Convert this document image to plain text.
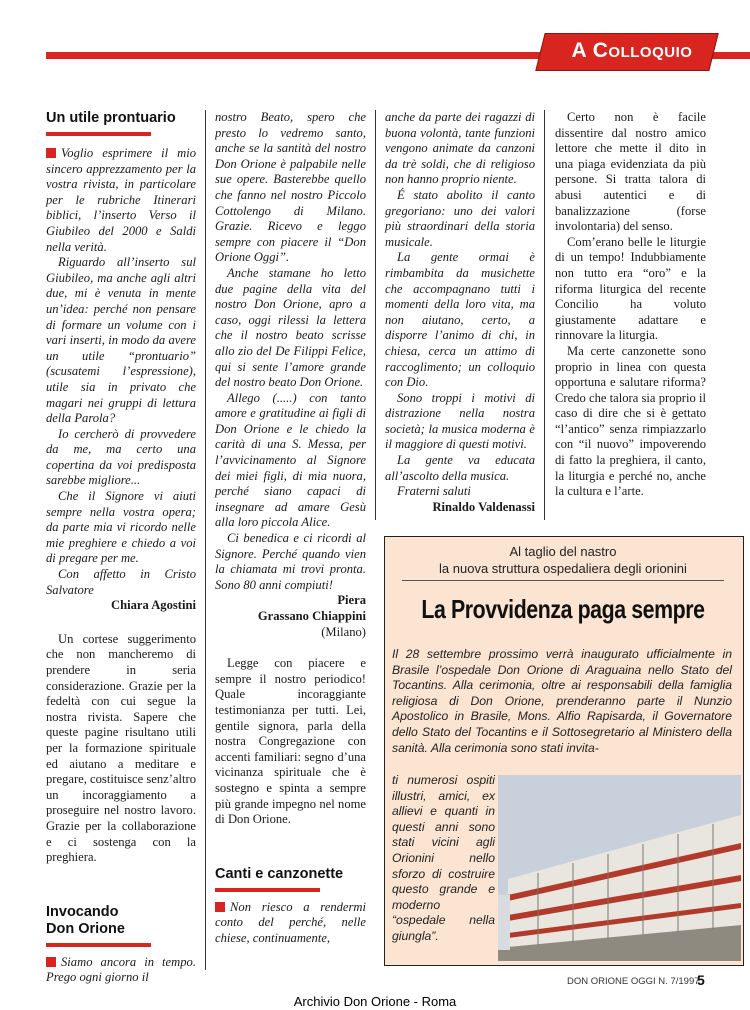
A Colloquio
Un utile prontuario

Voglio esprimere il mio sincero apprezzamento per la vostra rivista, in particolare per le rubriche Itinerari biblici, l’inserto Verso il Giubileo del 2000 e Saldi nella verità.

Riguardo all’inserto sul Giubileo, ma anche agli altri due, mi è venuta in mente un’idea: perché non pensare di formare un volume con i vari inserti, in modo da avere un utile “prontuario” (scusatemi l’espressione), utile sia in privato che magari nei gruppi di lettura della Parola?

Io cercherò di provvedere da me, ma certo una copertina da voi predisposta sarebbe migliore...

Che il Signore vi aiuti sempre nella vostra opera; da parte mia vi ricordo nelle mie preghiere e chiedo a voi di pregare per me.

Con affetto in Cristo Salvatore

Chiara Agostini

Un cortese suggerimento che non mancheremo di prendere in seria considerazione. Grazie per la fedeltà con cui segue la nostra rivista. Sapere che queste pagine risultano utili per la formazione spirituale ed aiutano a meditare e pregare, costituisce senz’altro un incoraggiamento a proseguire nel nostro lavoro. Grazie per la collaborazione e ci sostenga con la preghiera.

Invocando Don Orione

Siamo ancora in tempo. Prego ogni giorno il

nostro Beato, spero che presto lo vedremo santo, anche se la santità del nostro Don Orione è palpabile nelle sue opere. Basterebbe quello che fanno nel nostro Piccolo Cottolengo di Milano. Grazie. Ricevo e leggo sempre con piacere il “Don Orione Oggi”.

Anche stamane ho letto due pagine della vita del nostro Don Orione, apro a caso, oggi rilessi la lettera che il nostro beato scrisse allo zio del De Filippi Felice, qui si sente l’amore grande del nostro beato Don Orione.

Allego (.....) con tanto amore e gratitudine ai figli di Don Orione e le chiedo la carità di una S. Messa, per l’avvicinamento al Signore dei miei figli, di mia nuora, perché siano capaci di insegnare ad amare Gesù alla loro piccola Alice.

Ci benedica e ci ricordi al Signore. Perché quando vien la chiamata mi trovi pronta. Sono 80 anni compiuti!

Piera

Grassano Chiappini

(Milano)

Legge con piacere e sempre il nostro periodico! Quale incoraggiante testimonianza per tutti. Lei, gentile signora, parla della nostra Congregazione con accenti familiari: segno d’una vicinanza spirituale che è sostegno e spinta a sempre più grande impegno nel nome di Don Orione.

Canti e canzonette

Non riesco a rendermi conto del perché, nelle chiese, continuamente,

anche da parte dei ragazzi di buona volontà, tante funzioni vengono animate da canzoni da trè soldi, che di religioso non hanno proprio niente.

É stato abolito il canto gregoriano: uno dei valori più straordinari della storia musicale.

La gente ormai è rimbambita da musichette che accompagnano tutti i momenti della loro vita, ma non aiutano, certo, a disporre l’animo di chi, in chiesa, cerca un attimo di raccoglimento; un colloquio con Dio.

Sono troppi i motivi di distrazione nella nostra società; la musica moderna è il maggiore di questi motivi.

La gente va educata all’ascolto della musica.

Fraterni saluti

Rinaldo Valdenassi

Certo non è facile dissentire dal nostro amico lettore che mette il dito in una piaga evidenziata da più persone. Si tratta talora di abusi autentici e di banalizzazione (forse involontaria) del senso.

Com’erano belle le liturgie di un tempo! Indubbiamente non tutto era “oro” e la riforma liturgica del recente Concilio ha voluto giustamente adattare e rinnovare la liturgia.

Ma certe canzonette sono proprio in linea con questa opportuna e salutare riforma? Credo che talora sia proprio il caso di dire che si è gettato “l’antico” senza rimpiazzarlo con “il nuovo” impoverendo di fatto la preghiera, il canto, la liturgia e perché no, anche la cultura e l’arte.

Al taglio del nastro
la nuova struttura ospedaliera degli orionini
La Provvidenza paga sempre
Il 28 settembre prossimo verrà inaugurato ufficialmente in Brasile l’ospedale Don Orione di Araguaina nello Stato del Tocantins. Alla cerimonia, oltre ai responsabili della famiglia religiosa di Don Orione, prenderanno parte il Nunzio Apostolico in Brasile, Mons. Alfio Rapisarda, il Governatore dello Stato del Tocantins e il Sottosegretario al Ministero della sanità. Alla cerimonia sono stati invita-
ti numerosi ospiti illustri, amici, ex allievi e quanti in questi anni sono stati vicini agli Orionini nello sforzo di costruire questo grande e moderno “ospedale nella giungla”.
DON ORIONE OGGI N. 7/1997
5
Archivio Don Orione - Roma
